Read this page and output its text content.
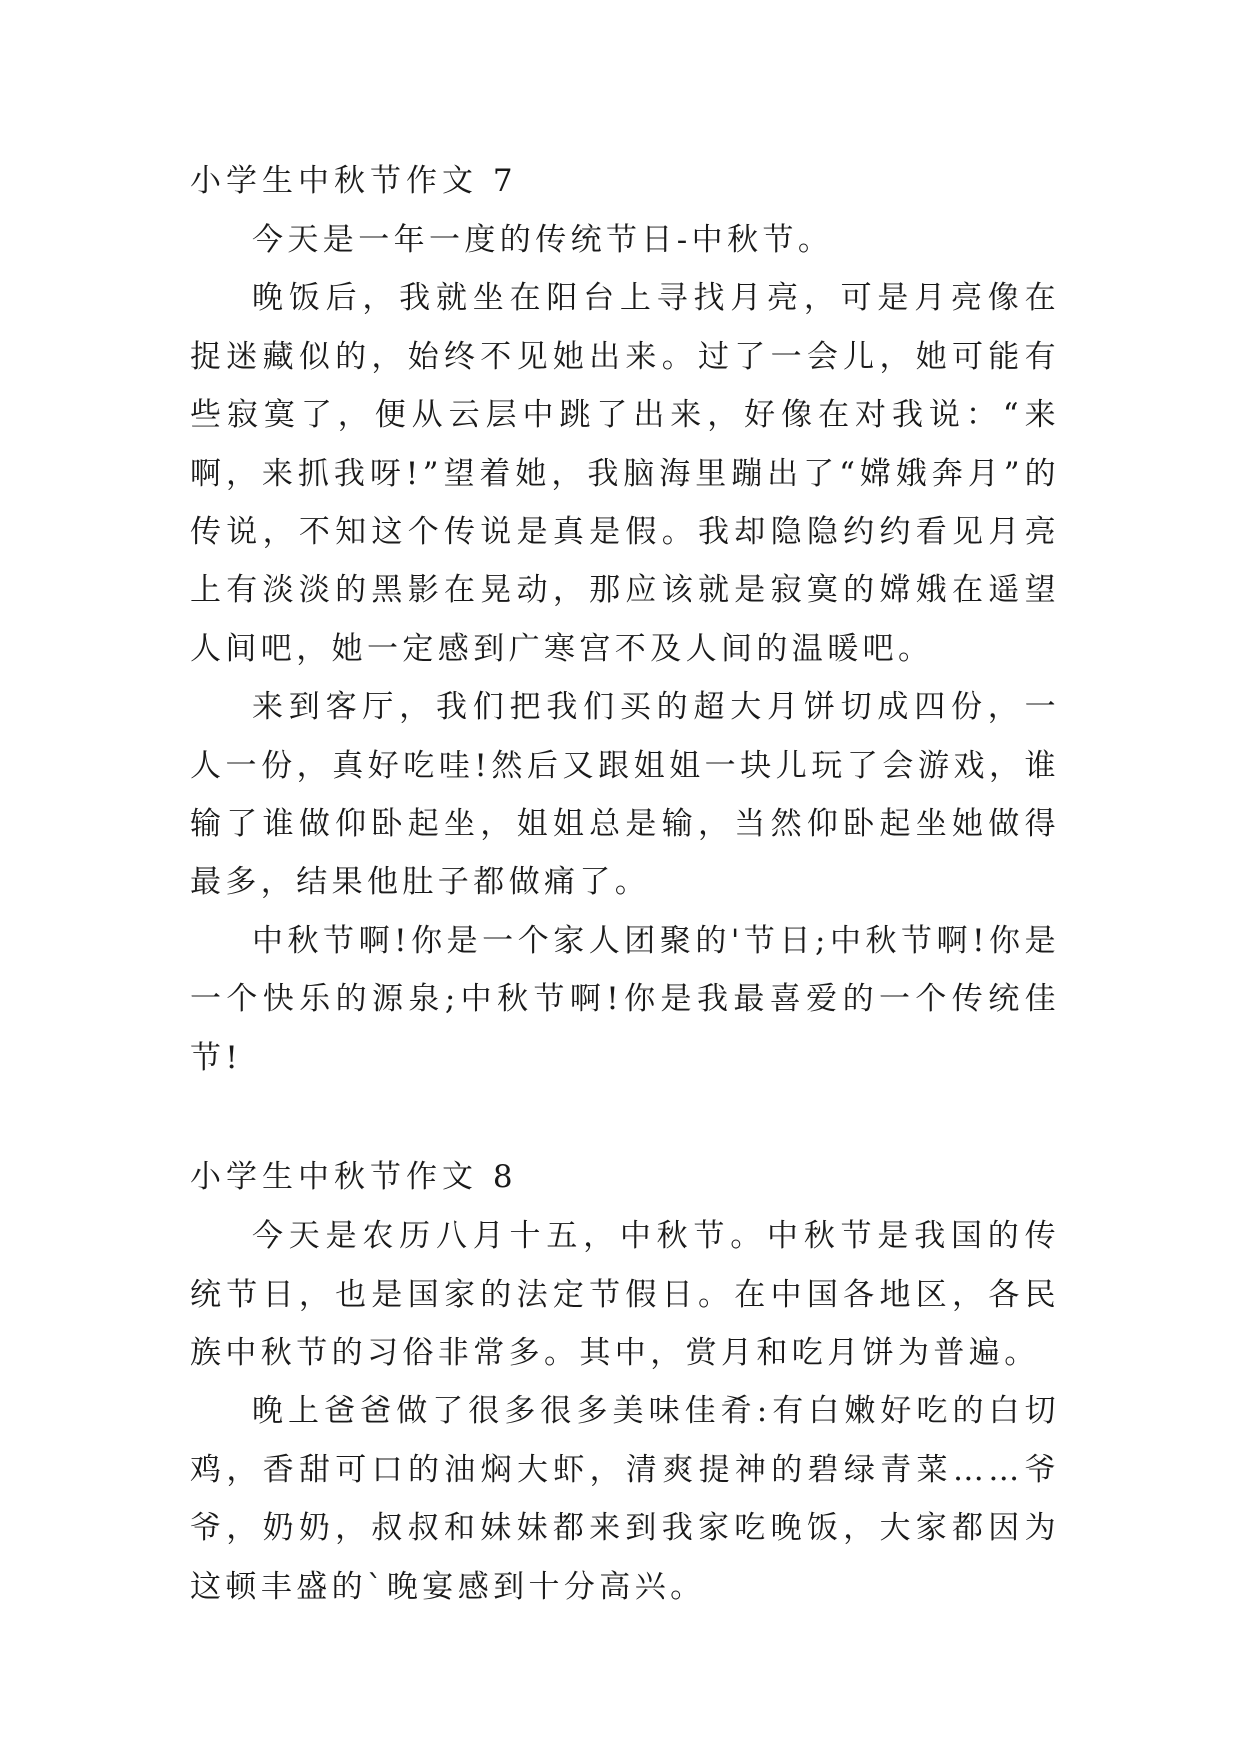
小学生中秋节作文 7

今天是一年一度的传统节日-中秋节。

晚饭后，我就坐在阳台上寻找月亮，可是月亮像在捉迷藏似的，始终不见她出来。过了一会儿，她可能有些寂寞了，便从云层中跳了出来，好像在对我说：“来啊，来抓我呀!”望着她，我脑海里蹦出了“嫦娥奔月”的传说，不知这个传说是真是假。我却隐隐约约看见月亮上有淡淡的黑影在晃动，那应该就是寂寞的嫦娥在遥望人间吧，她一定感到广寒宫不及人间的温暖吧。

来到客厅，我们把我们买的超大月饼切成四份，一人一份，真好吃哇!然后又跟姐姐一块儿玩了会游戏，谁输了谁做仰卧起坐，姐姐总是输，当然仰卧起坐她做得最多，结果他肚子都做痛了。

中秋节啊!你是一个家人团聚的'节日;中秋节啊!你是一个快乐的源泉;中秋节啊!你是我最喜爱的一个传统佳节!

小学生中秋节作文 8

今天是农历八月十五，中秋节。中秋节是我国的传统节日，也是国家的法定节假日。在中国各地区，各民族中秋节的习俗非常多。其中，赏月和吃月饼为普遍。

晚上爸爸做了很多很多美味佳肴:有白嫩好吃的白切鸡，香甜可口的油焖大虾，清爽提神的碧绿青菜……爷爷，奶奶，叔叔和妹妹都来到我家吃晚饭，大家都因为这顿丰盛的`晚宴感到十分高兴。
